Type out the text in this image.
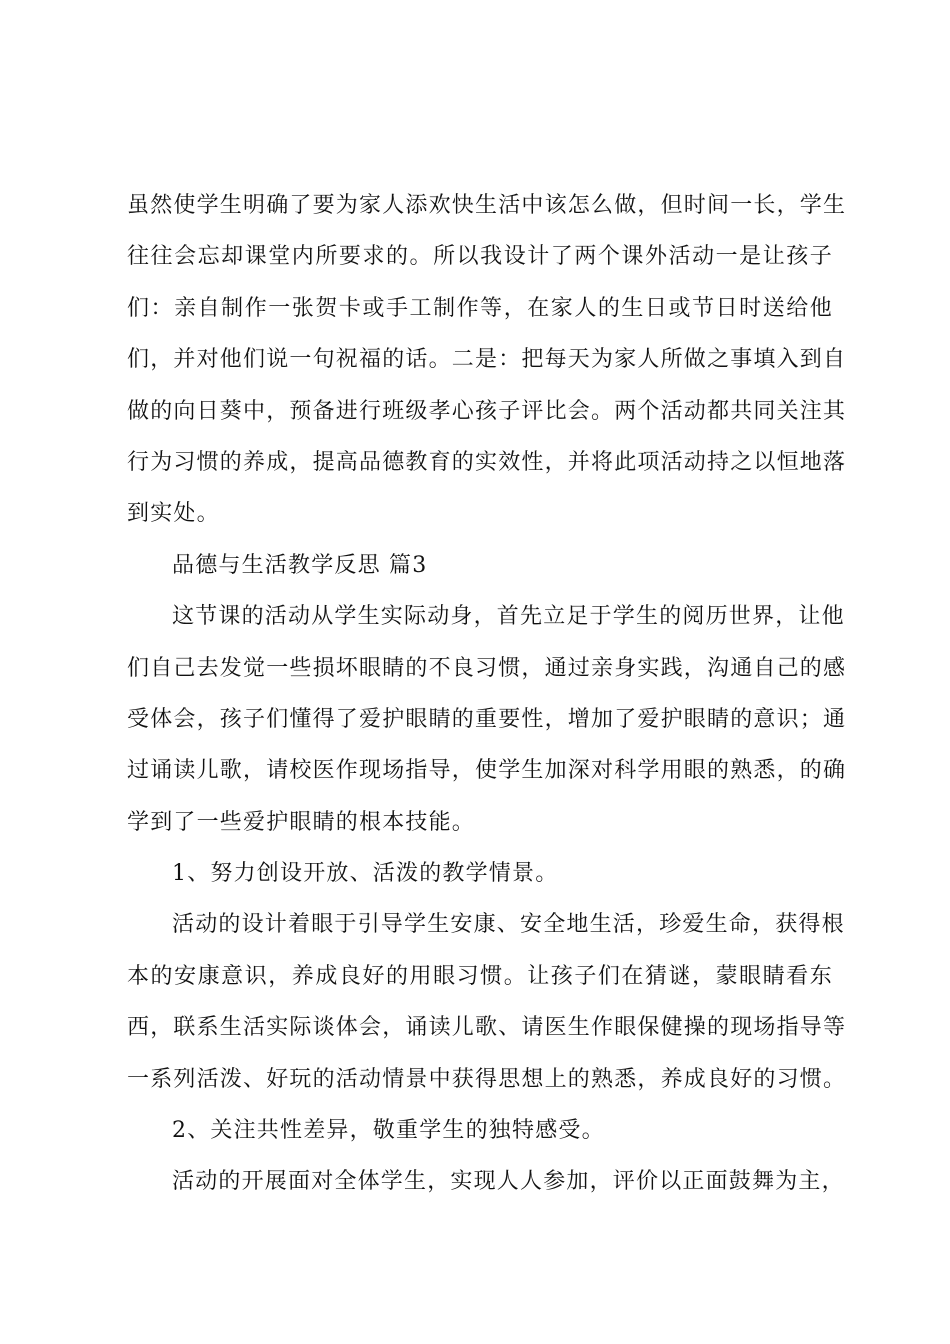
虽然使学生明确了要为家人添欢快生活中该怎么做，但时间一长，学生
往往会忘却课堂内所要求的。所以我设计了两个课外活动一是让孩子
们：亲自制作一张贺卡或手工制作等，在家人的生日或节日时送给他
们，并对他们说一句祝福的话。二是：把每天为家人所做之事填入到自
做的向日葵中，预备进行班级孝心孩子评比会。两个活动都共同关注其
行为习惯的养成，提高品德教育的实效性，并将此项活动持之以恒地落
到实处。
品德与生活教学反思 篇3
这节课的活动从学生实际动身，首先立足于学生的阅历世界，让他
们自己去发觉一些损坏眼睛的不良习惯，通过亲身实践，沟通自己的感
受体会，孩子们懂得了爱护眼睛的重要性，增加了爱护眼睛的意识；通
过诵读儿歌，请校医作现场指导，使学生加深对科学用眼的熟悉，的确
学到了一些爱护眼睛的根本技能。
1、努力创设开放、活泼的教学情景。
活动的设计着眼于引导学生安康、安全地生活，珍爱生命，获得根
本的安康意识，养成良好的用眼习惯。让孩子们在猜谜，蒙眼睛看东
西，联系生活实际谈体会，诵读儿歌、请医生作眼保健操的现场指导等
一系列活泼、好玩的活动情景中获得思想上的熟悉，养成良好的习惯。
2、关注共性差异，敬重学生的独特感受。
活动的开展面对全体学生，实现人人参加，评价以正面鼓舞为主，
